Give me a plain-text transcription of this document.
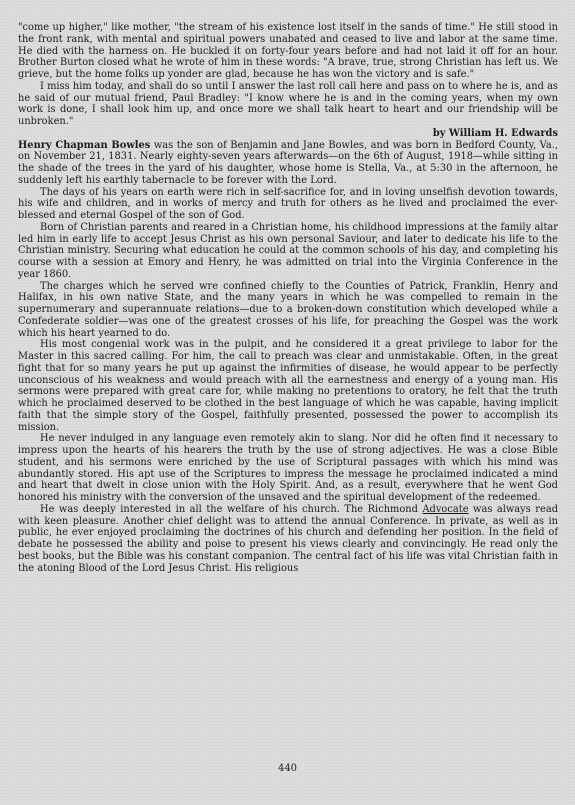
"come up higher," like mother, "the stream of his existence lost itself in the sands of time." He still stood in the front rank, with mental and spiritual powers unabated and ceased to live and labor at the same time. He died with the harness on. He buckled it on forty-four years before and had not laid it off for an hour. Brother Burton closed what he wrote of him in these words: "A brave, true, strong Christian has left us. We grieve, but the home folks up yonder are glad, because he has won the victory and is safe."

I miss him today, and shall do so until I answer the last roll call here and pass on to where he is, and as he said of our mutual friend, Paul Bradley: "I know where he is and in the coming years, when my own work is done, I shall look him up, and once more we shall talk heart to heart and our friendship will be unbroken."

by William H. Edwards

Henry Chapman Bowles was the son of Benjamin and Jane Bowles, and was born in Bedford County, Va., on November 21, 1831. Nearly eighty-seven years afterwards—on the 6th of August, 1918—while sitting in the shade of the trees in the yard of his daughter, whose home is Stella, Va., at 5:30 in the afternoon, he suddenly left his earthly tabernacle to be forever with the Lord.

The days of his years on earth were rich in self-sacrifice for, and in loving unselfish devotion towards, his wife and children, and in works of mercy and truth for others as he lived and proclaimed the ever-blessed and eternal Gospel of the son of God.

Born of Christian parents and reared in a Christian home, his childhood impressions at the family altar led him in early life to accept Jesus Christ as his own personal Saviour, and later to dedicate his life to the Christian ministry. Securing what education he could at the common schools of his day, and completing his course with a session at Emory and Henry, he was admitted on trial into the Virginia Conference in the year 1860.

The charges which he served wre confined chiefly to the Counties of Patrick, Franklin, Henry and Halifax, in his own native State, and the many years in which he was compelled to remain in the supernumerary and superannuate relations—due to a broken-down constitution which developed while a Confederate soldier—was one of the greatest crosses of his life, for preaching the Gospel was the work which his heart yearned to do.

His most congenial work was in the pulpit, and he considered it a great privilege to labor for the Master in this sacred calling. For him, the call to preach was clear and unmistakable. Often, in the great fight that for so many years he put up against the infirmities of disease, he would appear to be perfectly unconscious of his weakness and would preach with all the earnestness and energy of a young man. His sermons were prepared with great care for, while making no pretentions to oratory, he felt that the truth which he proclaimed deserved to be clothed in the best language of which he was capable, having implicit faith that the simple story of the Gospel, faithfully presented, possessed the power to accomplish its mission.

He never indulged in any language even remotely akin to slang. Nor did he often find it necessary to impress upon the hearts of his hearers the truth by the use of strong adjectives. He was a close Bible student, and his sermons were enriched by the use of Scriptural passages with which his mind was abundantly stored. His apt use of the Scriptures to impress the message he proclaimed indicated a mind and heart that dwelt in close union with the Holy Spirit. And, as a result, everywhere that he went God honored his ministry with the conversion of the unsaved and the spiritual development of the redeemed.

He was deeply interested in all the welfare of his church. The Richmond Advocate was always read with keen pleasure. Another chief delight was to attend the annual Conference. In private, as well as in public, he ever enjoyed proclaiming the doctrines of his church and defending her position. In the field of debate he possessed the ability and poise to present his views clearly and convincingly. He read only the best books, but the Bible was his constant companion. The central fact of his life was vital Christian faith in the atoning Blood of the Lord Jesus Christ. His religious

440
